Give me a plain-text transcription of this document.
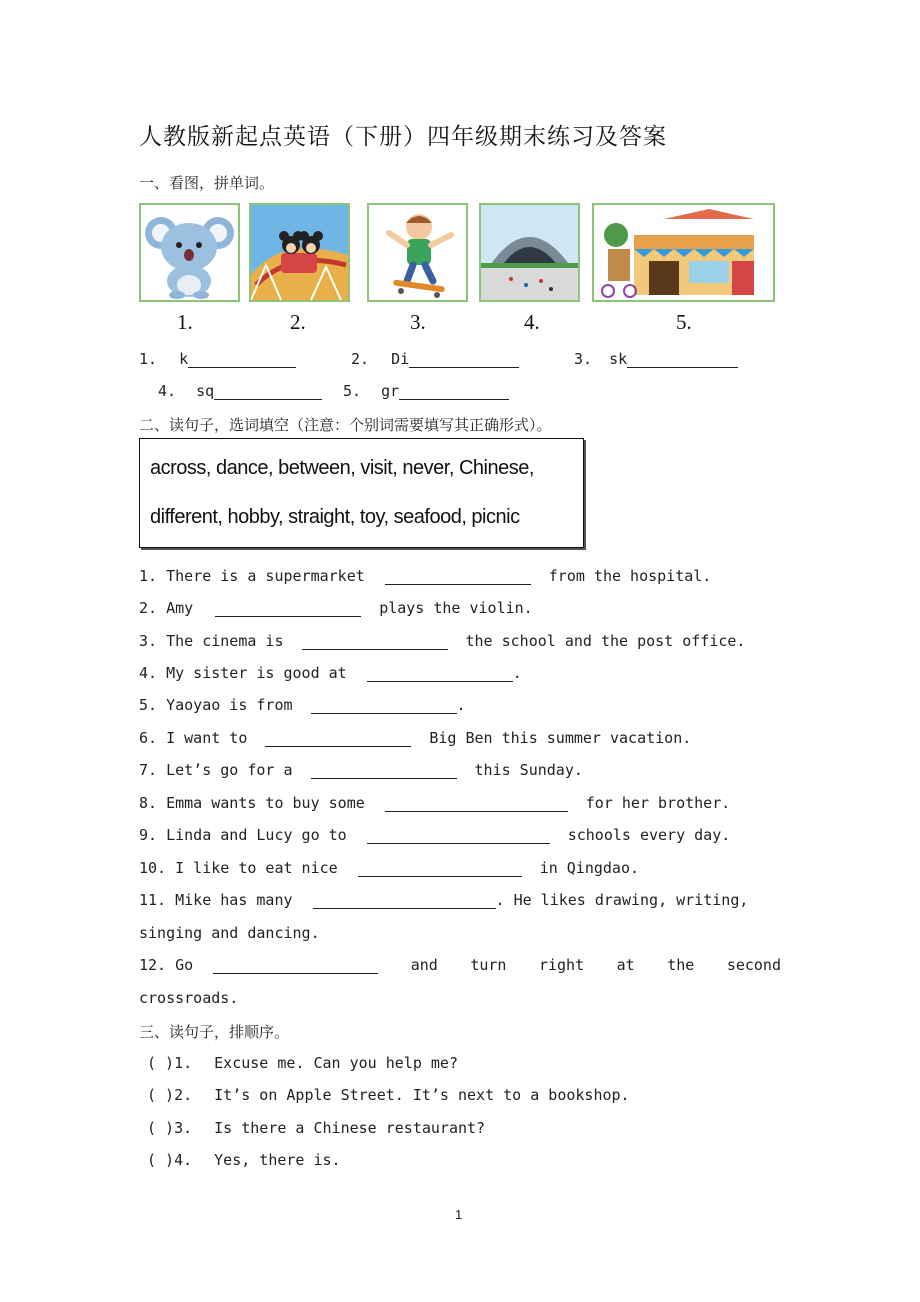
人教版新起点英语（下册）四年级期末练习及答案
一、看图，拼单词。
1.	2.	3.	4.	5.
1. k	2. Di	3. sk
4. sq	5. gr
二、读句子，选词填空（注意：个别词需要填写其正确形式）。
across, dance, between, visit, never, Chinese,
different, hobby, straight, toy, seafood, picnic
1. There is a supermarket	from the hospital.
2. Amy	plays the violin.
3. The cinema is	the school and the post office.
4. My sister is good at	.
5. Yaoyao is from	.
6. I want to	Big Ben this summer vacation.
7. Let’s go for a	this Sunday.
8. Emma wants to buy some	for her brother.
9. Linda and Lucy go to	schools every day.
10. I like to eat nice	in Qingdao.
11. Mike has many	. He likes drawing, writing,
singing and dancing.
12. Go	and turn right at the second
crossroads.
三、读句子，排顺序。
( )1. Excuse me. Can you help me?
( )2. It’s on Apple Street. It’s next to a bookshop.
( )3. Is there a Chinese restaurant?
( )4. Yes, there is.
1
